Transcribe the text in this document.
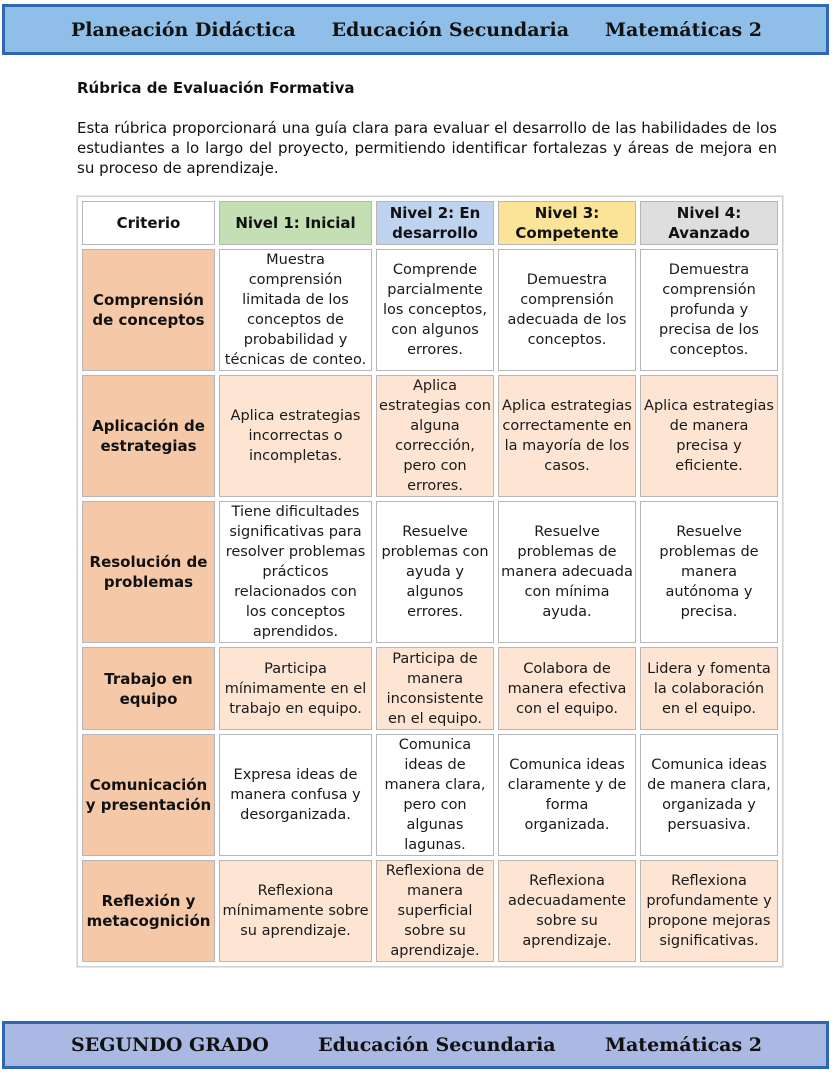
Planeación Didáctica Educación Secundaria Matemáticas 2
Rúbrica de Evaluación Formativa
Esta rúbrica proporcionará una guía clara para evaluar el desarrollo de las habilidades de los estudiantes a lo largo del proyecto, permitiendo identificar fortalezas y áreas de mejora en su proceso de aprendizaje.
Criterio	Nivel 1: Inicial	Nivel 2: En desarrollo	Nivel 3: Competente	Nivel 4: Avanzado
Comprensión de conceptos	Muestra comprensión limitada de los conceptos de probabilidad y técnicas de conteo.	Comprende parcialmente los conceptos, con algunos errores.	Demuestra comprensión adecuada de los conceptos.	Demuestra comprensión profunda y precisa de los conceptos.
Aplicación de estrategias	Aplica estrategias incorrectas o incompletas.	Aplica estrategias con alguna corrección, pero con errores.	Aplica estrategias correctamente en la mayoría de los casos.	Aplica estrategias de manera precisa y eficiente.
Resolución de problemas	Tiene dificultades significativas para resolver problemas prácticos relacionados con los conceptos aprendidos.	Resuelve problemas con ayuda y algunos errores.	Resuelve problemas de manera adecuada con mínima ayuda.	Resuelve problemas de manera autónoma y precisa.
Trabajo en equipo	Participa mínimamente en el trabajo en equipo.	Participa de manera inconsistente en el equipo.	Colabora de manera efectiva con el equipo.	Lidera y fomenta la colaboración en el equipo.
Comunicación y presentación	Expresa ideas de manera confusa y desorganizada.	Comunica ideas de manera clara, pero con algunas lagunas.	Comunica ideas claramente y de forma organizada.	Comunica ideas de manera clara, organizada y persuasiva.
Reflexión y metacognición	Reflexiona mínimamente sobre su aprendizaje.	Reflexiona de manera superficial sobre su aprendizaje.	Reflexiona adecuadamente sobre su aprendizaje.	Reflexiona profundamente y propone mejoras significativas.
SEGUNDO GRADO	Educación Secundaria	Matemáticas 2
